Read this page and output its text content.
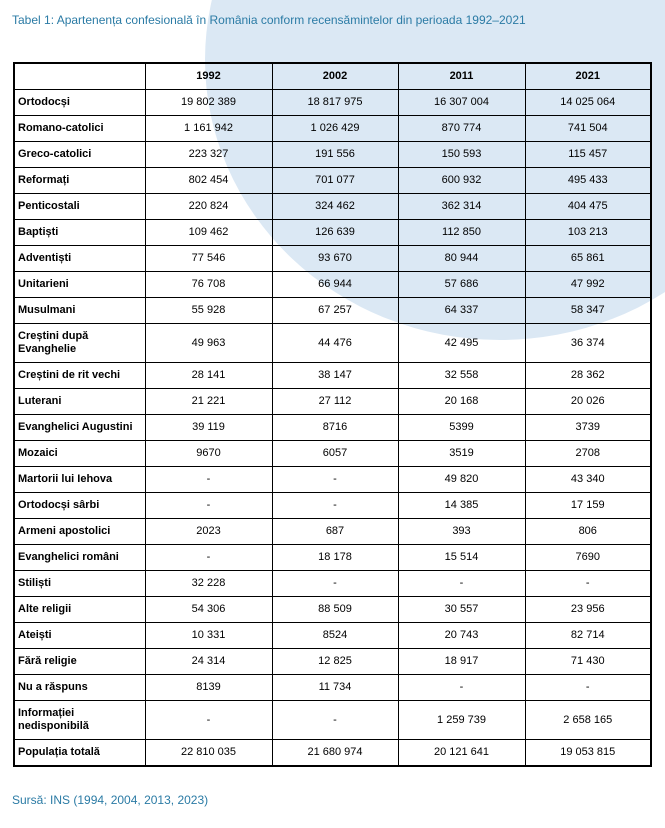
Tabel 1: Apartenența confesională în România conform recensămintelor din perioada 1992–2021
	1992	2002	2011	2021
Ortodocși	19 802 389	18 817 975	16 307 004	14 025 064
Romano-catolici	1 161 942	1 026 429	870 774	741 504
Greco-catolici	223 327	191 556	150 593	115 457
Reformați	802 454	701 077	600 932	495 433
Penticostali	220 824	324 462	362 314	404 475
Baptiști	109 462	126 639	112 850	103 213
Adventiști	77 546	93 670	80 944	65 861
Unitarieni	76 708	66 944	57 686	47 992
Musulmani	55 928	67 257	64 337	58 347
Creștini după Evanghelie	49 963	44 476	42 495	36 374
Creștini de rit vechi	28 141	38 147	32 558	28 362
Luterani	21 221	27 112	20 168	20 026
Evanghelici Augustini	39 119	8716	5399	3739
Mozaici	9670	6057	3519	2708
Martorii lui Iehova	-	-	49 820	43 340
Ortodocși sârbi	-	-	14 385	17 159
Armeni apostolici	2023	687	393	806
Evanghelici români	-	18 178	15 514	7690
Stiliști	32 228	-	-	-
Alte religii	54 306	88 509	30 557	23 956
Ateiști	10 331	8524	20 743	82 714
Fără religie	24 314	12 825	18 917	71 430
Nu a răspuns	8139	11 734	-	-
Informației nedisponibilă	-	-	1 259 739	2 658 165
Populația totală	22 810 035	21 680 974	20 121 641	19 053 815
Sursă: INS (1994, 2004, 2013, 2023)
